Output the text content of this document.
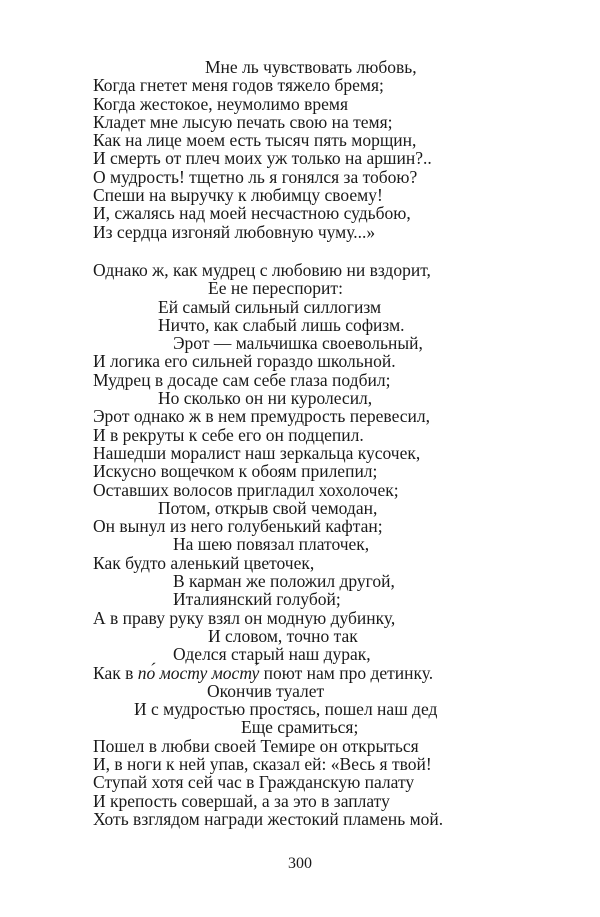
Мне ль чувствовать любовь,
Когда гнетет меня годов тяжело бремя;
Когда жестокое, неумолимо время
Кладет мне лысую печать свою на темя;
Как на лице моем есть тысяч пять морщин,
И смерть от плеч моих уж только на аршин?..
О мудрость! тщетно ль я гонялся за тобою?
Спеши на выручку к любимцу своему!
И, сжалясь над моей несчастною судьбою,
Из сердца изгоняй любовную чуму...»
Однако ж, как мудрец с любовию ни вздорит,
Ее не переспорит:
Ей самый сильный силлогизм
Ничто, как слабый лишь софизм.
Эрот — мальчишка своевольный,
И логика его сильней гораздо школьной.
Мудрец в досаде сам себе глаза подбил;
Но сколько он ни куролесил,
Эрот однако ж в нем премудрость перевесил,
И в рекруты к себе его он подцепил.
Нашедши моралист наш зеркальца кусочек,
Искусно вощечком к обоям прилепил;
Оставших волосов пригладил хохолочек;
Потом, открыв свой чемодан,
Он вынул из него голубенький кафтан;
На шею повязал платочек,
Как будто аленький цветочек,
В карман же положил другой,
Италиянский голубой;
А в праву руку взял он модную дубинку,
И словом, точно так
Оделся старый наш дурак,
Как в по́ мосту мосту́ поют нам про детинку.
Окончив туалет
И с мудростью простясь, пошел наш дед
Еще срамиться;
Пошел в любви своей Темире он открыться
И, в ноги к ней упав, сказал ей: «Весь я твой!
Ступай хотя сей час в Гражданскую палату
И крепость совершай, а за это в заплату
Хоть взглядом награди жестокий пламень мой.
300
